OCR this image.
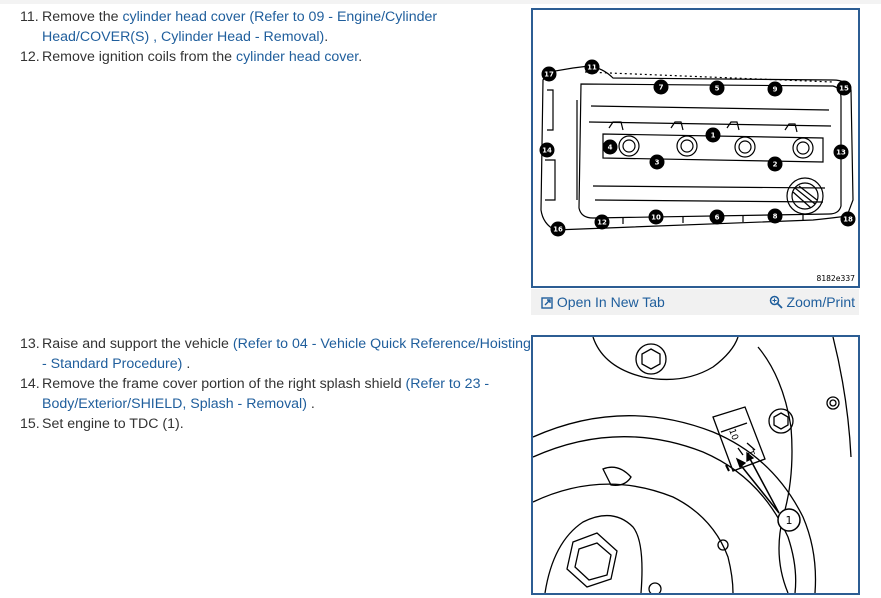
11. Remove the cylinder head cover (Refer to 09 - Engine/Cylinder
Head/COVER(S) , Cylinder Head - Removal).
12. Remove ignition coils from the cylinder head cover.
13. Raise and support the vehicle (Refer to 04 - Vehicle Quick Reference/Hoisting
- Standard Procedure) .
14. Remove the frame cover portion of the right splash shield (Refer to 23 -
Body/Exterior/SHIELD, Splash - Removal) .
15. Set engine to TDC (1).
1
2
3
4
5
6
7
8
9
10
11
12
13
14
15
16
17
18
8182e337
Open In New Tab	Zoom/Print
10
T
1
